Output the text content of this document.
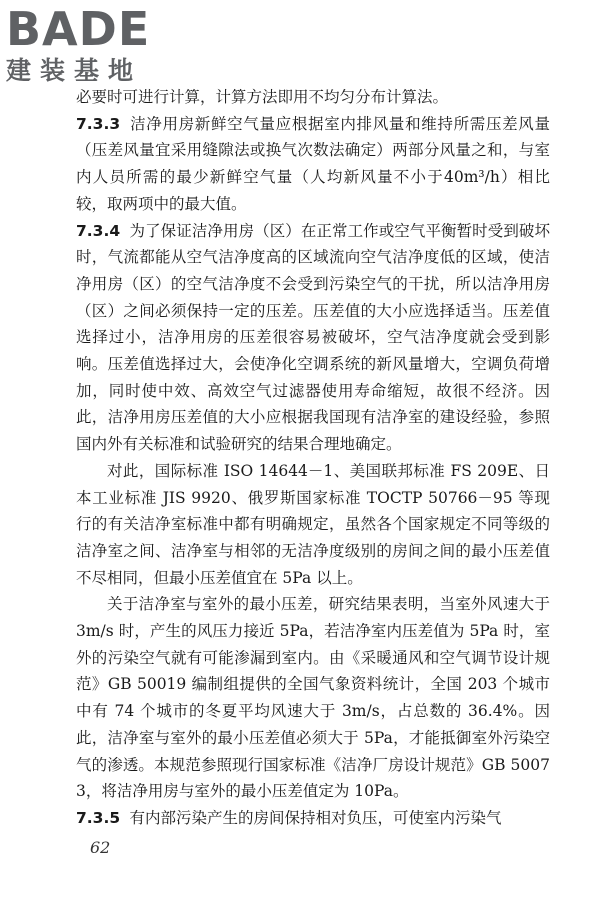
BADE
建装基地

必要时可进行计算，计算方法即用不均匀分布计算法。

7.3.3 洁净用房新鲜空气量应根据室内排风量和维持所需压差风量（压差风量宜采用缝隙法或换气次数法确定）两部分风量之和，与室内人员所需的最少新鲜空气量（人均新风量不小于40m³/h）相比较，取两项中的最大值。

7.3.4 为了保证洁净用房（区）在正常工作或空气平衡暂时受到破坏时，气流都能从空气洁净度高的区域流向空气洁净度低的区域，使洁净用房（区）的空气洁净度不会受到污染空气的干扰，所以洁净用房（区）之间必须保持一定的压差。压差值的大小应选择适当。压差值选择过小，洁净用房的压差很容易被破坏，空气洁净度就会受到影响。压差值选择过大，会使净化空调系统的新风量增大，空调负荷增加，同时使中效、高效空气过滤器使用寿命缩短，故很不经济。因此，洁净用房压差值的大小应根据我国现有洁净室的建设经验，参照国内外有关标准和试验研究的结果合理地确定。

对此，国际标准 ISO 14644－1、美国联邦标准 FS 209E、日本工业标准 JIS 9920、俄罗斯国家标准 TOCTP 50766－95 等现行的有关洁净室标准中都有明确规定，虽然各个国家规定不同等级的洁净室之间、洁净室与相邻的无洁净度级别的房间之间的最小压差值不尽相同，但最小压差值宜在 5Pa 以上。

关于洁净室与室外的最小压差，研究结果表明，当室外风速大于 3m/s 时，产生的风压力接近 5Pa，若洁净室内压差值为 5Pa 时，室外的污染空气就有可能渗漏到室内。由《采暖通风和空气调节设计规范》GB 50019 编制组提供的全国气象资料统计，全国 203 个城市中有 74 个城市的冬夏平均风速大于 3m/s，占总数的 36.4%。因此，洁净室与室外的最小压差值必须大于 5Pa，才能抵御室外污染空气的渗透。本规范参照现行国家标准《洁净厂房设计规范》GB 50073，将洁净用房与室外的最小压差值定为 10Pa。

7.3.5 有内部污染产生的房间保持相对负压，可使室内污染气

62
